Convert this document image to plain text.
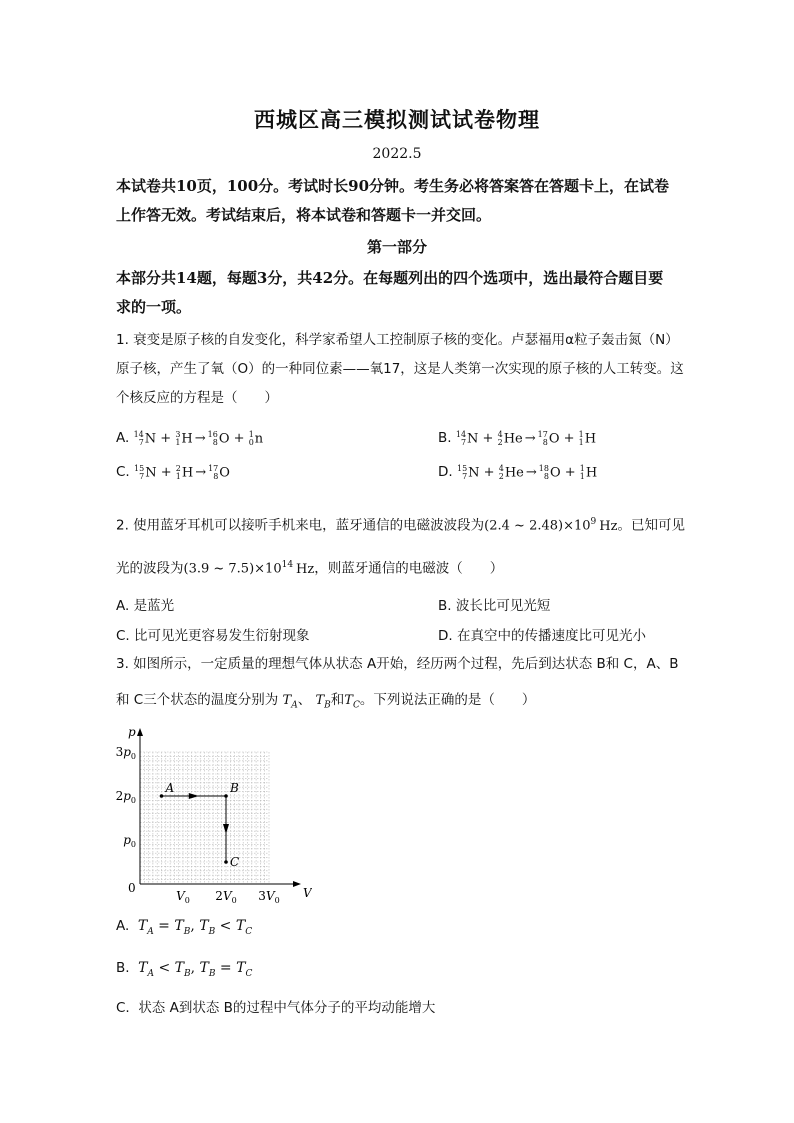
西城区高三模拟测试试卷物理
2022.5
本试卷共10页，100分。考试时长90分钟。考生务必将答案答在答题卡上，在试卷
上作答无效。考试结束后，将本试卷和答题卡一并交回。
第一部分
本部分共14题，每题3分，共42分。在每题列出的四个选项中，选出最符合题目要
求的一项。
1. 衰变是原子核的自发变化，科学家希望人工控制原子核的变化。卢瑟福用α粒子轰击氮（N）
原子核，产生了氧（O）的一种同位素——氧17，这是人类第一次实现的原子核的人工转变。这
个核反应的方程是（　　）
A. 14
7 N + 3
1 H → 16
8 O + 1
0 n	B. 14
7 N + 4
2 He → 17
8 O + 1
1 H
C. 15
7 N + 2
1 H → 17
8 O	D. 15
7 N + 4
2 He → 18
8 O + 1
1 H
2. 使用蓝牙耳机可以接听手机来电，蓝牙通信的电磁波波段为(2.4 ~ $2.48)\times 10^9$ Hz。已知可见
光的波段为(3.9 ~ $7.5)\times 10^{14}$ Hz，则蓝牙通信的电磁波（　　）
A. 是蓝光	B. 波长比可见光短
C. 比可见光更容易发生衍射现象	D. 在真空中的传播速度比可见光小
3. 如图所示，一定质量的理想气体从状态 A开始，经历两个过程，先后到达状态 B和 C，A、B
和 C三个状态的温度分别为 $T_A$、 $T_B$和$T_C$。下列说法正确的是（　　）
p
V
0
$V_0$ $2V_0$ $3V_0$
$p_0$
$2p_0$
$3p_0$
A	B
C
A. $T_A = T_B$, $T_B < T_C$
B. $T_A < T_B$, $T_B = T_C$
C. 状态 A到状态 B的过程中气体分子的平均动能增大
